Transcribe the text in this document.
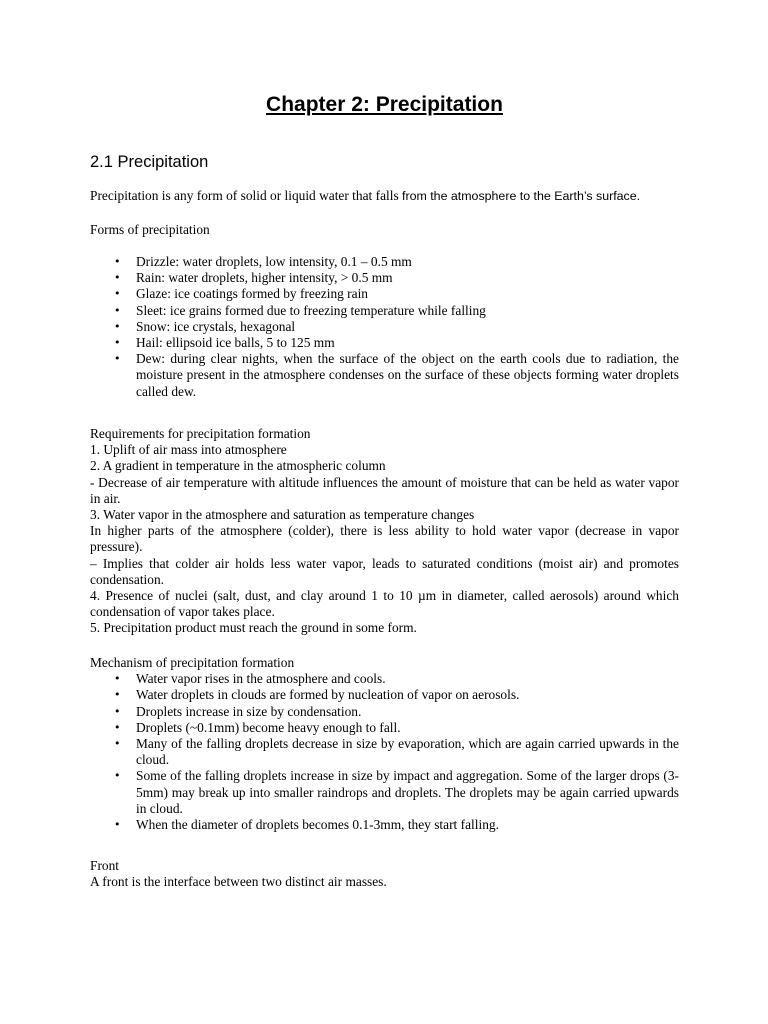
Chapter 2: Precipitation
2.1 Precipitation

Precipitation is any form of solid or liquid water that falls from the atmosphere to the Earth’s surface.

Forms of precipitation

• Drizzle: water droplets, low intensity, 0.1 – 0.5 mm
• Rain: water droplets, higher intensity, > 0.5 mm
• Glaze: ice coatings formed by freezing rain
• Sleet: ice grains formed due to freezing temperature while falling
• Snow: ice crystals, hexagonal
• Hail: ellipsoid ice balls, 5 to 125 mm
• Dew: during clear nights, when the surface of the object on the earth cools due to radiation, the moisture present in the atmosphere condenses on the surface of these objects forming water droplets called dew.

Requirements for precipitation formation

1. Uplift of air mass into atmosphere

2. A gradient in temperature in the atmospheric column

- Decrease of air temperature with altitude influences the amount of moisture that can be held as water vapor in air.

3. Water vapor in the atmosphere and saturation as temperature changes

In higher parts of the atmosphere (colder), there is less ability to hold water vapor (decrease in vapor pressure).

– Implies that colder air holds less water vapor, leads to saturated conditions (moist air) and promotes condensation.

4. Presence of nuclei (salt, dust, and clay around 1 to 10 µm in diameter, called aerosols) around which condensation of vapor takes place.

5. Precipitation product must reach the ground in some form.

Mechanism of precipitation formation

• Water vapor rises in the atmosphere and cools.
• Water droplets in clouds are formed by nucleation of vapor on aerosols.
• Droplets increase in size by condensation.
• Droplets (~0.1mm) become heavy enough to fall.
• Many of the falling droplets decrease in size by evaporation, which are again carried upwards in the cloud.
• Some of the falling droplets increase in size by impact and aggregation. Some of the larger drops (3-5mm) may break up into smaller raindrops and droplets. The droplets may be again carried upwards in cloud.
• When the diameter of droplets becomes 0.1-3mm, they start falling.

Front

A front is the interface between two distinct air masses.
